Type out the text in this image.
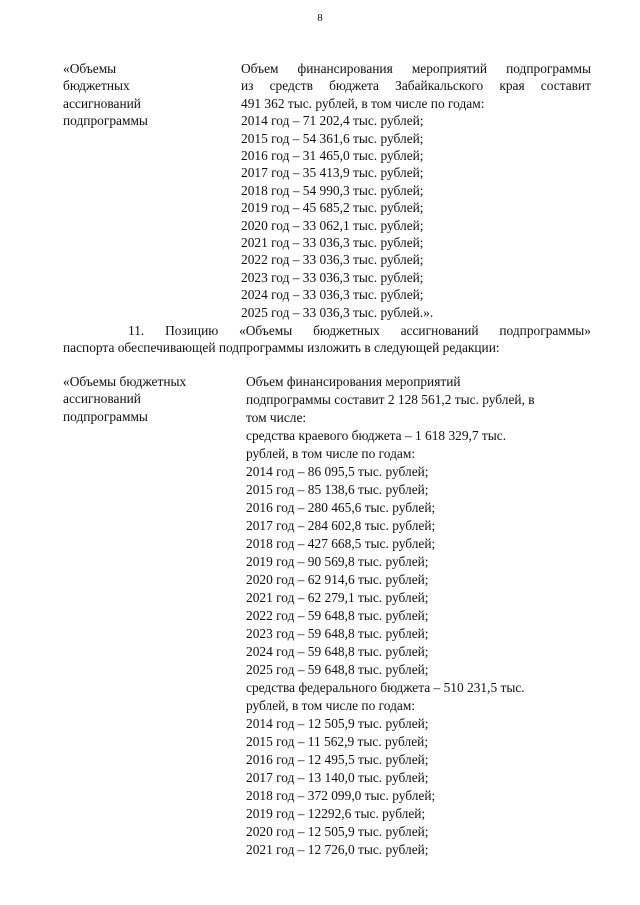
8
«Объемы
бюджетных
ассигнований
подпрограммы
Объем финансирования мероприятий подпрограммы
из средств бюджета Забайкальского края составит
491 362 тыс. рублей, в том числе по годам:
2014 год – 71 202,4 тыс. рублей;
2015 год – 54 361,6 тыс. рублей;
2016 год – 31 465,0 тыс. рублей;
2017 год – 35 413,9 тыс. рублей;
2018 год – 54 990,3 тыс. рублей;
2019 год – 45 685,2 тыс. рублей;
2020 год – 33 062,1 тыс. рублей;
2021 год – 33 036,3 тыс. рублей;
2022 год – 33 036,3 тыс. рублей;
2023 год – 33 036,3 тыс. рублей;
2024 год – 33 036,3 тыс. рублей;
2025 год – 33 036,3 тыс. рублей.».
11. Позицию «Объемы бюджетных ассигнований подпрограммы»
паспорта обеспечивающей подпрограммы изложить в следующей редакции:
«Объемы бюджетных
ассигнований
подпрограммы
Объем финансирования мероприятий
подпрограммы составит 2 128 561,2 тыс. рублей, в
том числе:
средства краевого бюджета – 1 618 329,7 тыс.
рублей, в том числе по годам:
2014 год – 86 095,5 тыс. рублей;
2015 год – 85 138,6 тыс. рублей;
2016 год – 280 465,6 тыс. рублей;
2017 год – 284 602,8 тыс. рублей;
2018 год – 427 668,5 тыс. рублей;
2019 год – 90 569,8 тыс. рублей;
2020 год – 62 914,6 тыс. рублей;
2021 год – 62 279,1 тыс. рублей;
2022 год – 59 648,8 тыс. рублей;
2023 год – 59 648,8 тыс. рублей;
2024 год – 59 648,8 тыс. рублей;
2025 год – 59 648,8 тыс. рублей;
средства федерального бюджета – 510 231,5 тыс.
рублей, в том числе по годам:
2014 год – 12 505,9 тыс. рублей;
2015 год – 11 562,9 тыс. рублей;
2016 год – 12 495,5 тыс. рублей;
2017 год – 13 140,0 тыс. рублей;
2018 год – 372 099,0 тыс. рублей;
2019 год – 12292,6 тыс. рублей;
2020 год – 12 505,9 тыс. рублей;
2021 год – 12 726,0 тыс. рублей;
